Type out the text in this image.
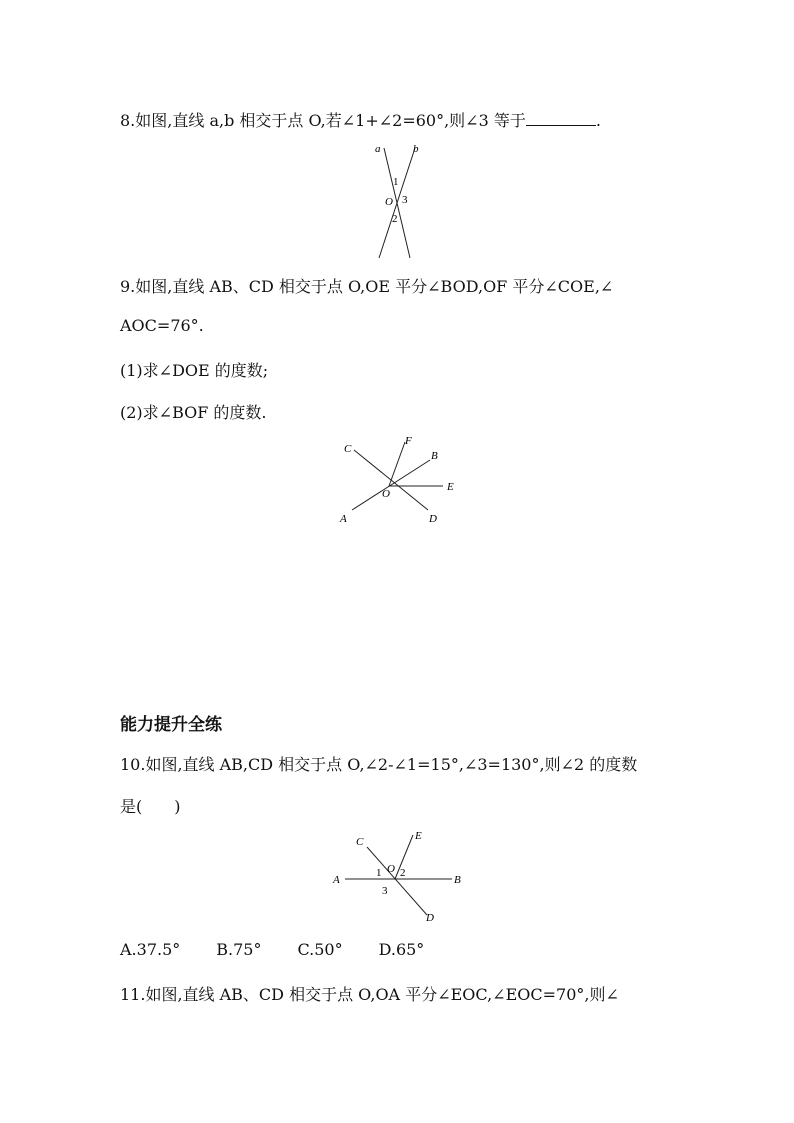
8.如图,直线 a,b 相交于点 O,若∠1+∠2=60°,则∠3 等于	.
a	b
O
1
3
2
9.如图,直线 AB、CD 相交于点 O,OE 平分∠BOD,OF 平分∠COE,∠
AOC=76°.
(1)求∠DOE 的度数;
(2)求∠BOF 的度数.
C
F
B
E
O
A	D
能力提升全练
10.如图,直线 AB,CD 相交于点 O,∠2-∠1=15°,∠3=130°,则∠2 的度数
是(　　)
C	E
O
1 2
3
A	B
D
A.37.5° B.75° C.50° D.65°
11.如图,直线 AB、CD 相交于点 O,OA 平分∠EOC,∠EOC=70°,则∠
